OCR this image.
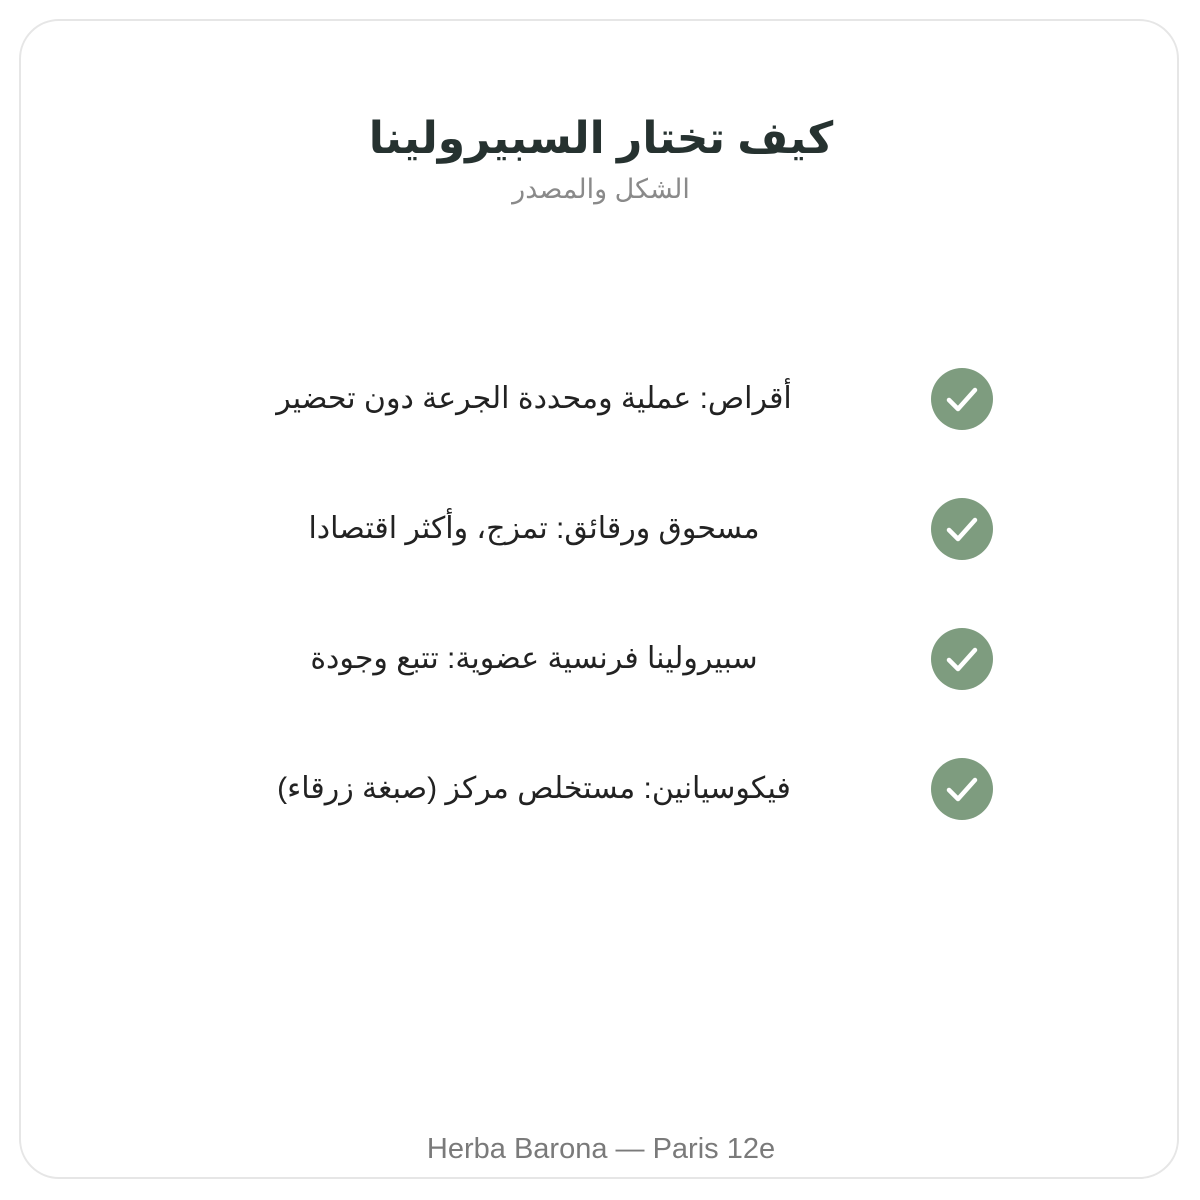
كيف تختار السبيرولينا
الشكل والمصدر
أقراص: عملية ومحددة الجرعة دون تحضير
مسحوق ورقائق: تمزج، وأكثر اقتصادا
سبيرولينا فرنسية عضوية: تتبع وجودة
فيكوسيانين: مستخلص مركز (صبغة زرقاء)
Herba Barona — Paris 12e
